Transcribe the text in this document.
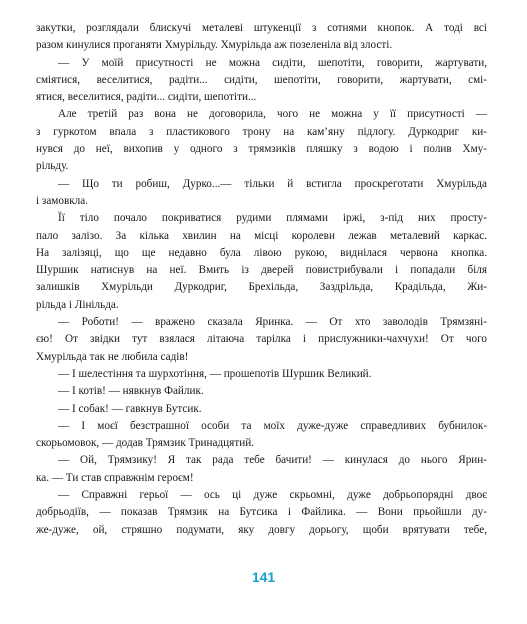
закутки, розглядали блискучі металеві штукенції з сотнями кнопок. А тоді всі
разом кинулися проганяти Хмурільду. Хмурільда аж позеленіла від злості.
— У моїй присутності не можна сидіти, шепотіти, говорити, жартувати,
сміятися, веселитися, радіти... сидіти, шепотіти, говорити, жартувати, смі-
ятися, веселитися, радіти... сидіти, шепотіти...
Але третій раз вона не договорила, чого не можна у її присутності —
з гуркотом впала з пластикового трону на кам’яну підлогу. Дуркодриг ки-
нувся до неї, вихопив у одного з трямзиків пляшку з водою і полив Хму-
рільду.
— Що ти робиш, Дурко...— тільки й встигла проскреготати Хмурільда
і замовкла.
Її тіло почало покриватися рудими плямами іржі, з-під них просту-
пало залізо. За кілька хвилин на місці королеви лежав металевий каркас.
На залізяці, що ще недавно була лівою рукою, виднілася червона кнопка.
Шуршик натиснув на неї. Вмить із дверей повистрибували і попадали біля
залишків Хмурільди Дуркодриг, Брехільда, Заздрільда, Крадільда, Жи-
рільда і Лінільда.
— Роботи! — вражено сказала Яринка. — От хто заволодів Трямзяні-
єю! От звідки тут взялася літаюча тарілка і прислужники-чахчухи! От чого
Хмурільда так не любила садів!
— І шелестіння та шурхотіння, — прошепотів Шуршик Великий.
— І котів! — нявкнув Файлик.
— І собак! — гавкнув Бутсик.
— І моєї безстрашної особи та моїх дуже-дуже справедливих бубнилок-
скорьомовок, — додав Трямзик Тринадцятий.
— Ой, Трямзику! Я так рада тебе бачити! — кинулася до нього Ярин-
ка. — Ти став справжнім героєм!
— Справжні герьої — ось ці дуже скрьомні, дуже добрьопорядні двоє
добрьодіїв, — показав Трямзик на Бутсика і Файлика. — Вони прьойшли ду-
же-дуже, ой, стряшно подумати, яку довгу дорьогу, щоби врятувати тебе,
141
